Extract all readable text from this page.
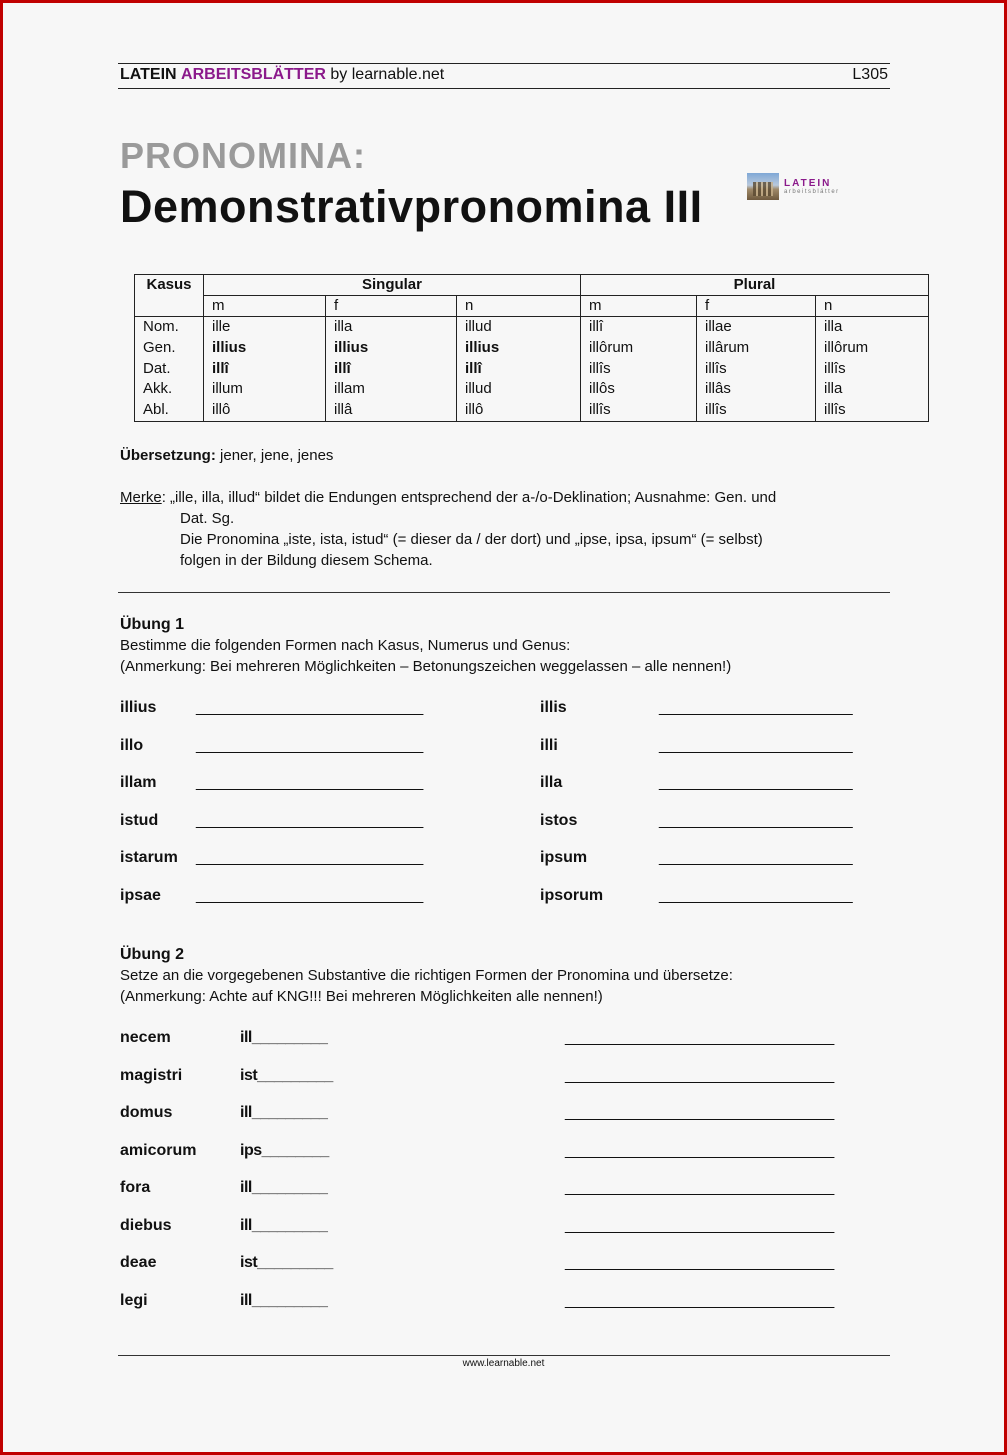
LATEIN ARBEITSBLÄTTER by learnable.net	L305
PRONOMINA:
Demonstrativpronomina III	LATEIN
arbeitsblätter
Kasus	Singular			Plural		
	m	f	n	m	f	n
Nom.	ille	illa	illud	illî	illae	illa
Gen.	illius	illius	illius	illôrum	illârum	illôrum
Dat.	illî	illî	illî	illîs	illîs	illîs
Akk.	illum	illam	illud	illôs	illâs	illa
Abl.	illô	illâ	illô	illîs	illîs	illîs
Übersetzung: jener, jene, jenes
Merke: „ille, illa, illud“ bildet die Endungen entsprechend der a-/o-Deklination; Ausnahme: Gen. und
Dat. Sg.
Die Pronomina „iste, ista, istud“ (= dieser da / der dort) und „ipse, ipsa, ipsum“ (= selbst)
folgen in der Bildung diesem Schema.
Übung 1
Bestimme die folgenden Formen nach Kasus, Numerus und Genus:
(Anmerkung: Bei mehreren Möglichkeiten – Betonungszeichen weggelassen – alle nennen!)
illius ___________________________	illis	_______________________
illo	___________________________	illi	_______________________
illam ___________________________	illa	_______________________
istud ___________________________	istos	_______________________
istarum ___________________________	ipsum	_______________________
ipsae ___________________________	ipsorum	_______________________
Übung 2
Setze an die vorgegebenen Substantive die richtigen Formen der Pronomina und übersetze:
(Anmerkung: Achte auf KNG!!! Bei mehreren Möglichkeiten alle nennen!)
necem	ill_________	________________________________
magistri	ist_________	________________________________
domus	ill_________	________________________________
amicorum	ips________	________________________________
fora	ill_________	________________________________
diebus	ill_________	________________________________
deae	ist_________	________________________________
legi	ill_________	________________________________
www.learnable.net
